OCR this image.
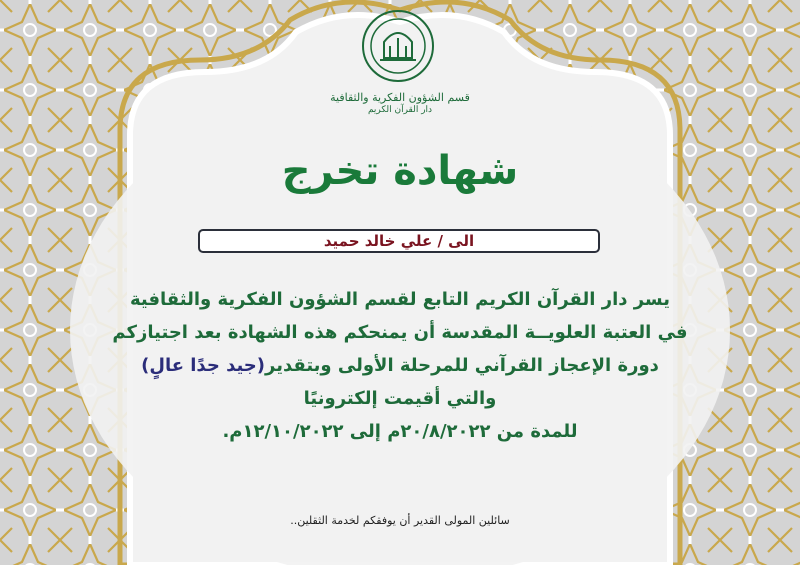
قسم الشؤون الفكرية والثقافية
دار القرآن الكريم
شهادة تخرج
الى / علي خالد حميد
يسر دار القرآن الكريم التابع لقسم الشؤون الفكرية والثقافية
في العتبة العلويــة المقدسة أن يمنحكم هذه الشهادة بعد اجتيازكم
دورة الإعجاز القرآني للمرحلة الأولى وبتقدير(جيد جدًا عالٍ)
والتي أقيمت إلكترونيًا
للمدة من ٢٠/٨/٢٠٢٢م إلى ١٢/١٠/٢٠٢٢م.
سائلين المولى القدير أن يوفقكم لخدمة الثقلين..
